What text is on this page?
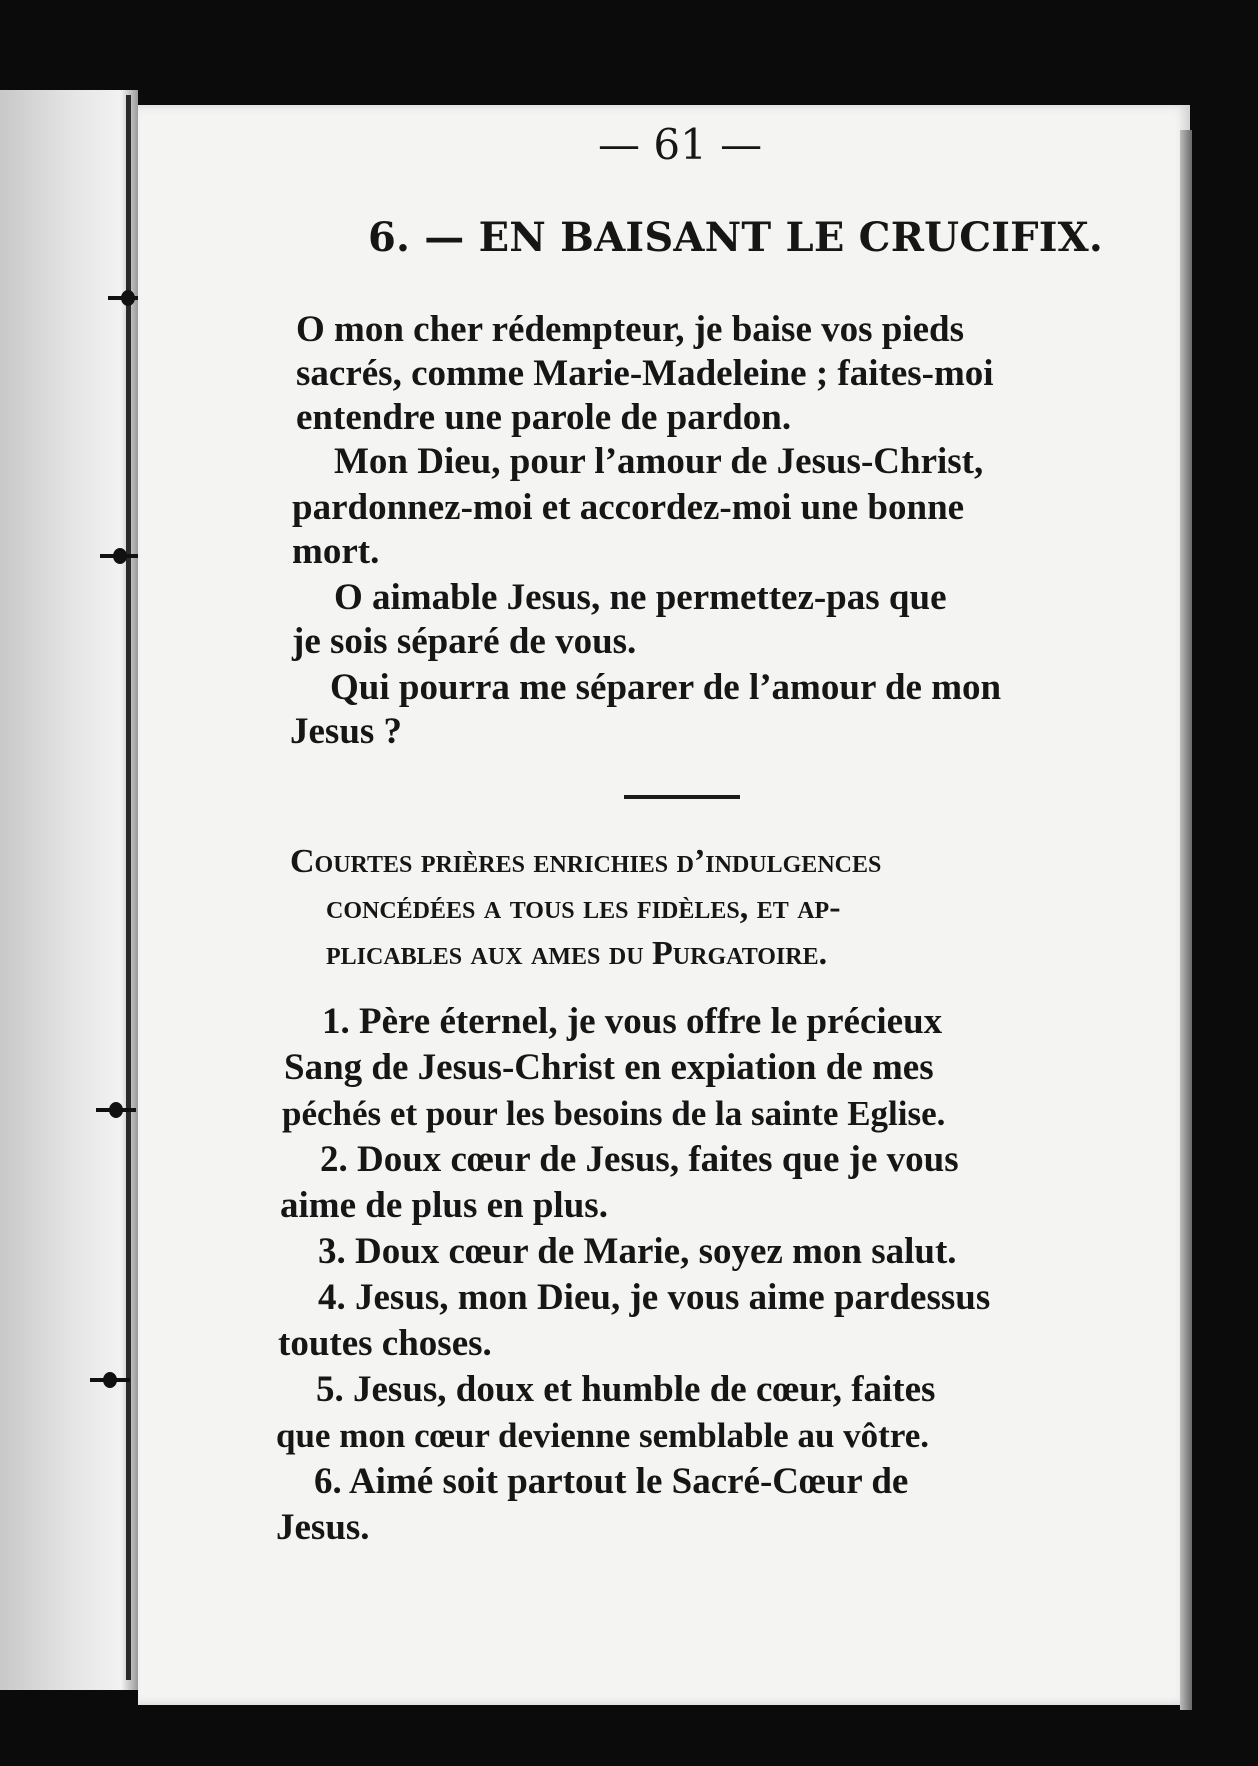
— 61 —
6. — EN BAISANT LE CRUCIFIX.
O mon cher rédempteur, je baise vos pieds
sacrés, comme Marie-Madeleine ; faites-moi
entendre une parole de pardon.
Mon Dieu, pour l’amour de Jesus-Christ,
pardonnez-moi et accordez-moi une bonne
mort.
O aimable Jesus, ne permettez-pas que
je sois séparé de vous.
Qui pourra me séparer de l’amour de mon
Jesus ?
Courtes prières enrichies d’indulgences
concédées a tous les fidèles, et ap-
plicables aux ames du Purgatoire.
1. Père éternel, je vous offre le précieux
Sang de Jesus-Christ en expiation de mes
péchés et pour les besoins de la sainte Eglise.
2. Doux cœur de Jesus, faites que je vous
aime de plus en plus.
3. Doux cœur de Marie, soyez mon salut.
4. Jesus, mon Dieu, je vous aime pardessus
toutes choses.
5. Jesus, doux et humble de cœur, faites
que mon cœur devienne semblable au vôtre.
6. Aimé soit partout le Sacré-Cœur de
Jesus.
